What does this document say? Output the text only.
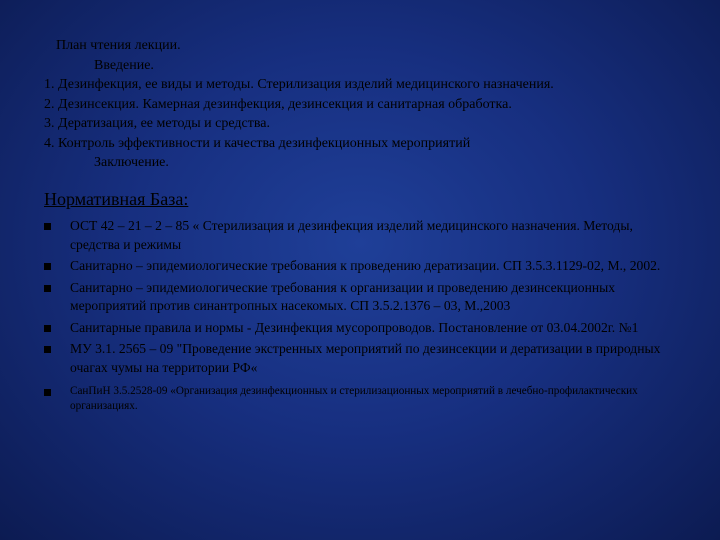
План чтения лекции.
Введение.
1. Дезинфекция, ее виды и методы. Стерилизация изделий медицинского назначения.
2. Дезинсекция. Камерная дезинфекция, дезинсекция и санитарная обработка.
3. Дератизация, ее методы и средства.
4. Контроль эффективности и качества дезинфекционных мероприятий
Заключение.
Нормативная База:
ОСТ 42 – 21 – 2 – 85 « Стерилизация и дезинфекция изделий медицинского назначения. Методы, средства и режимы
Санитарно – эпидемиологические требования к проведению дератизации. СП 3.5.3.1129-02, М., 2002.
Санитарно – эпидемиологические требования к организации и проведению дезинсекционных мероприятий против синантропных насекомых. СП 3.5.2.1376 – 03, М.,2003
Санитарные правила и нормы - Дезинфекция мусоропроводов. Постановление от 03.04.2002г. №1
МУ 3.1. 2565 – 09 "Проведение экстренных мероприятий по дезинсекции и дератизации в природных очагах чумы на территории РФ«
СанПиН 3.5.2528-09 «Организация дезинфекционных и стерилизационных мероприятий в лечебно-профилактических организациях.
